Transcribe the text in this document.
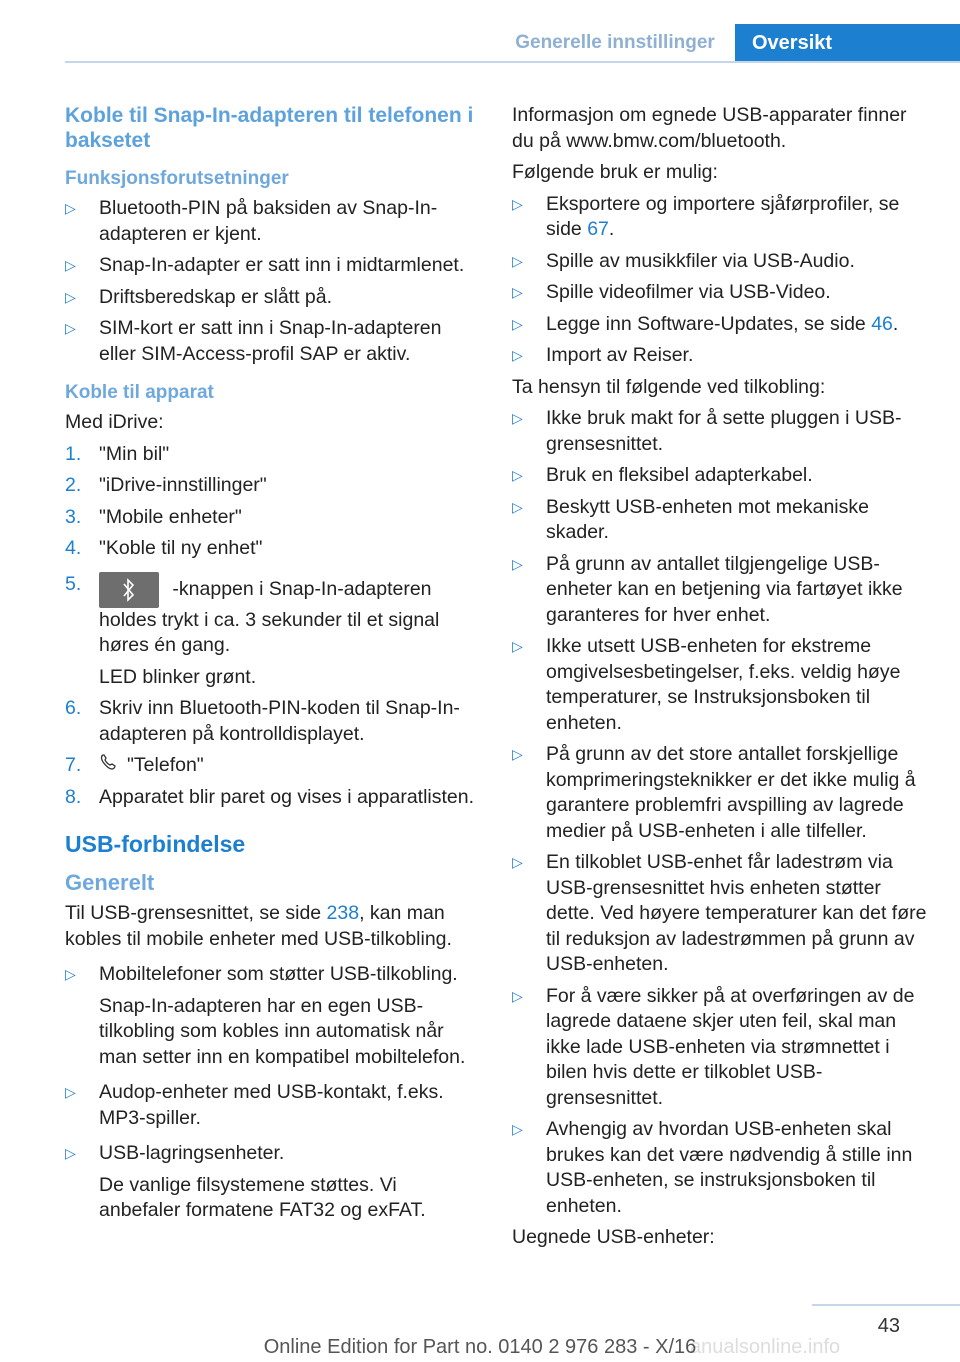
Generelle innstillinger	Oversikt
Koble til Snap-In-adapteren til telefonen i baksetet
Funksjonsforutsetninger
▷ Bluetooth-PIN på baksiden av Snap-In-adapteren er kjent.
▷ Snap-In-adapter er satt inn i midtarmlenet.
▷ Driftsberedskap er slått på.
▷ SIM-kort er satt inn i Snap-In-adapteren eller SIM-Access-profil SAP er aktiv.
Koble til apparat

Med iDrive:

1. "Min bil"
2. "iDrive-innstillinger"
3. "Mobile enheter"
4. "Koble til ny enhet"
5.	-knappen i Snap-In-adapteren holdes trykt i ca. 3 sekunder til et signal høres én gang.
LED blinker grønt.
6. Skriv inn Bluetooth-PIN-koden til Snap-In-adapteren på kontrolldisplayet.
7. "Telefon"
8. Apparatet blir paret og vises i apparatlisten.
USB-forbindelse
Generelt

Til USB-grensesnittet, se side 238, kan man kobles til mobile enheter med USB-tilkobling.

▷ Mobiltelefoner som støtter USB-tilkobling.
Snap-In-adapteren har en egen USB-tilkobling som kobles inn automatisk når man setter inn en kompatibel mobiltelefon.
▷ Audop-enheter med USB-kontakt, f.eks. MP3-spiller.
▷ USB-lagringsenheter.
De vanlige filsystemene støttes. Vi anbefaler formatene FAT32 og exFAT.

Informasjon om egnede USB-apparater finner du på www.bmw.com/bluetooth.

Følgende bruk er mulig:

▷ Eksportere og importere sjåførprofiler, se side 67.
▷ Spille av musikkfiler via USB-Audio.
▷ Spille videofilmer via USB-Video.
▷ Legge inn Software-Updates, se side 46.
▷ Import av Reiser.

Ta hensyn til følgende ved tilkobling:

▷ Ikke bruk makt for å sette pluggen i USB-grensesnittet.
▷ Bruk en fleksibel adapterkabel.
▷ Beskytt USB-enheten mot mekaniske skader.
▷ På grunn av antallet tilgjengelige USB-enheter kan en betjening via fartøyet ikke garanteres for hver enhet.
▷ Ikke utsett USB-enheten for ekstreme omgivelsesbetingelser, f.eks. veldig høye temperaturer, se Instruksjonsboken til enheten.
▷ På grunn av det store antallet forskjellige komprimeringsteknikker er det ikke mulig å garantere problemfri avspilling av lagrede medier på USB-enheten i alle tilfeller.
▷ En tilkoblet USB-enhet får ladestrøm via USB-grensesnittet hvis enheten støtter dette. Ved høyere temperaturer kan det føre til reduksjon av ladestrømmen på grunn av USB-enheten.
▷ For å være sikker på at overføringen av de lagrede dataene skjer uten feil, skal man ikke lade USB-enheten via strømnettet i bilen hvis dette er tilkoblet USB-grensesnittet.
▷ Avhengig av hvordan USB-enheten skal brukes kan det være nødvendig å stille inn USB-enheten, se instruksjonsboken til enheten.

Uegnede USB-enheter:

43
anualsonline.info
Online Edition for Part no. 0140 2 976 283 - X/16
